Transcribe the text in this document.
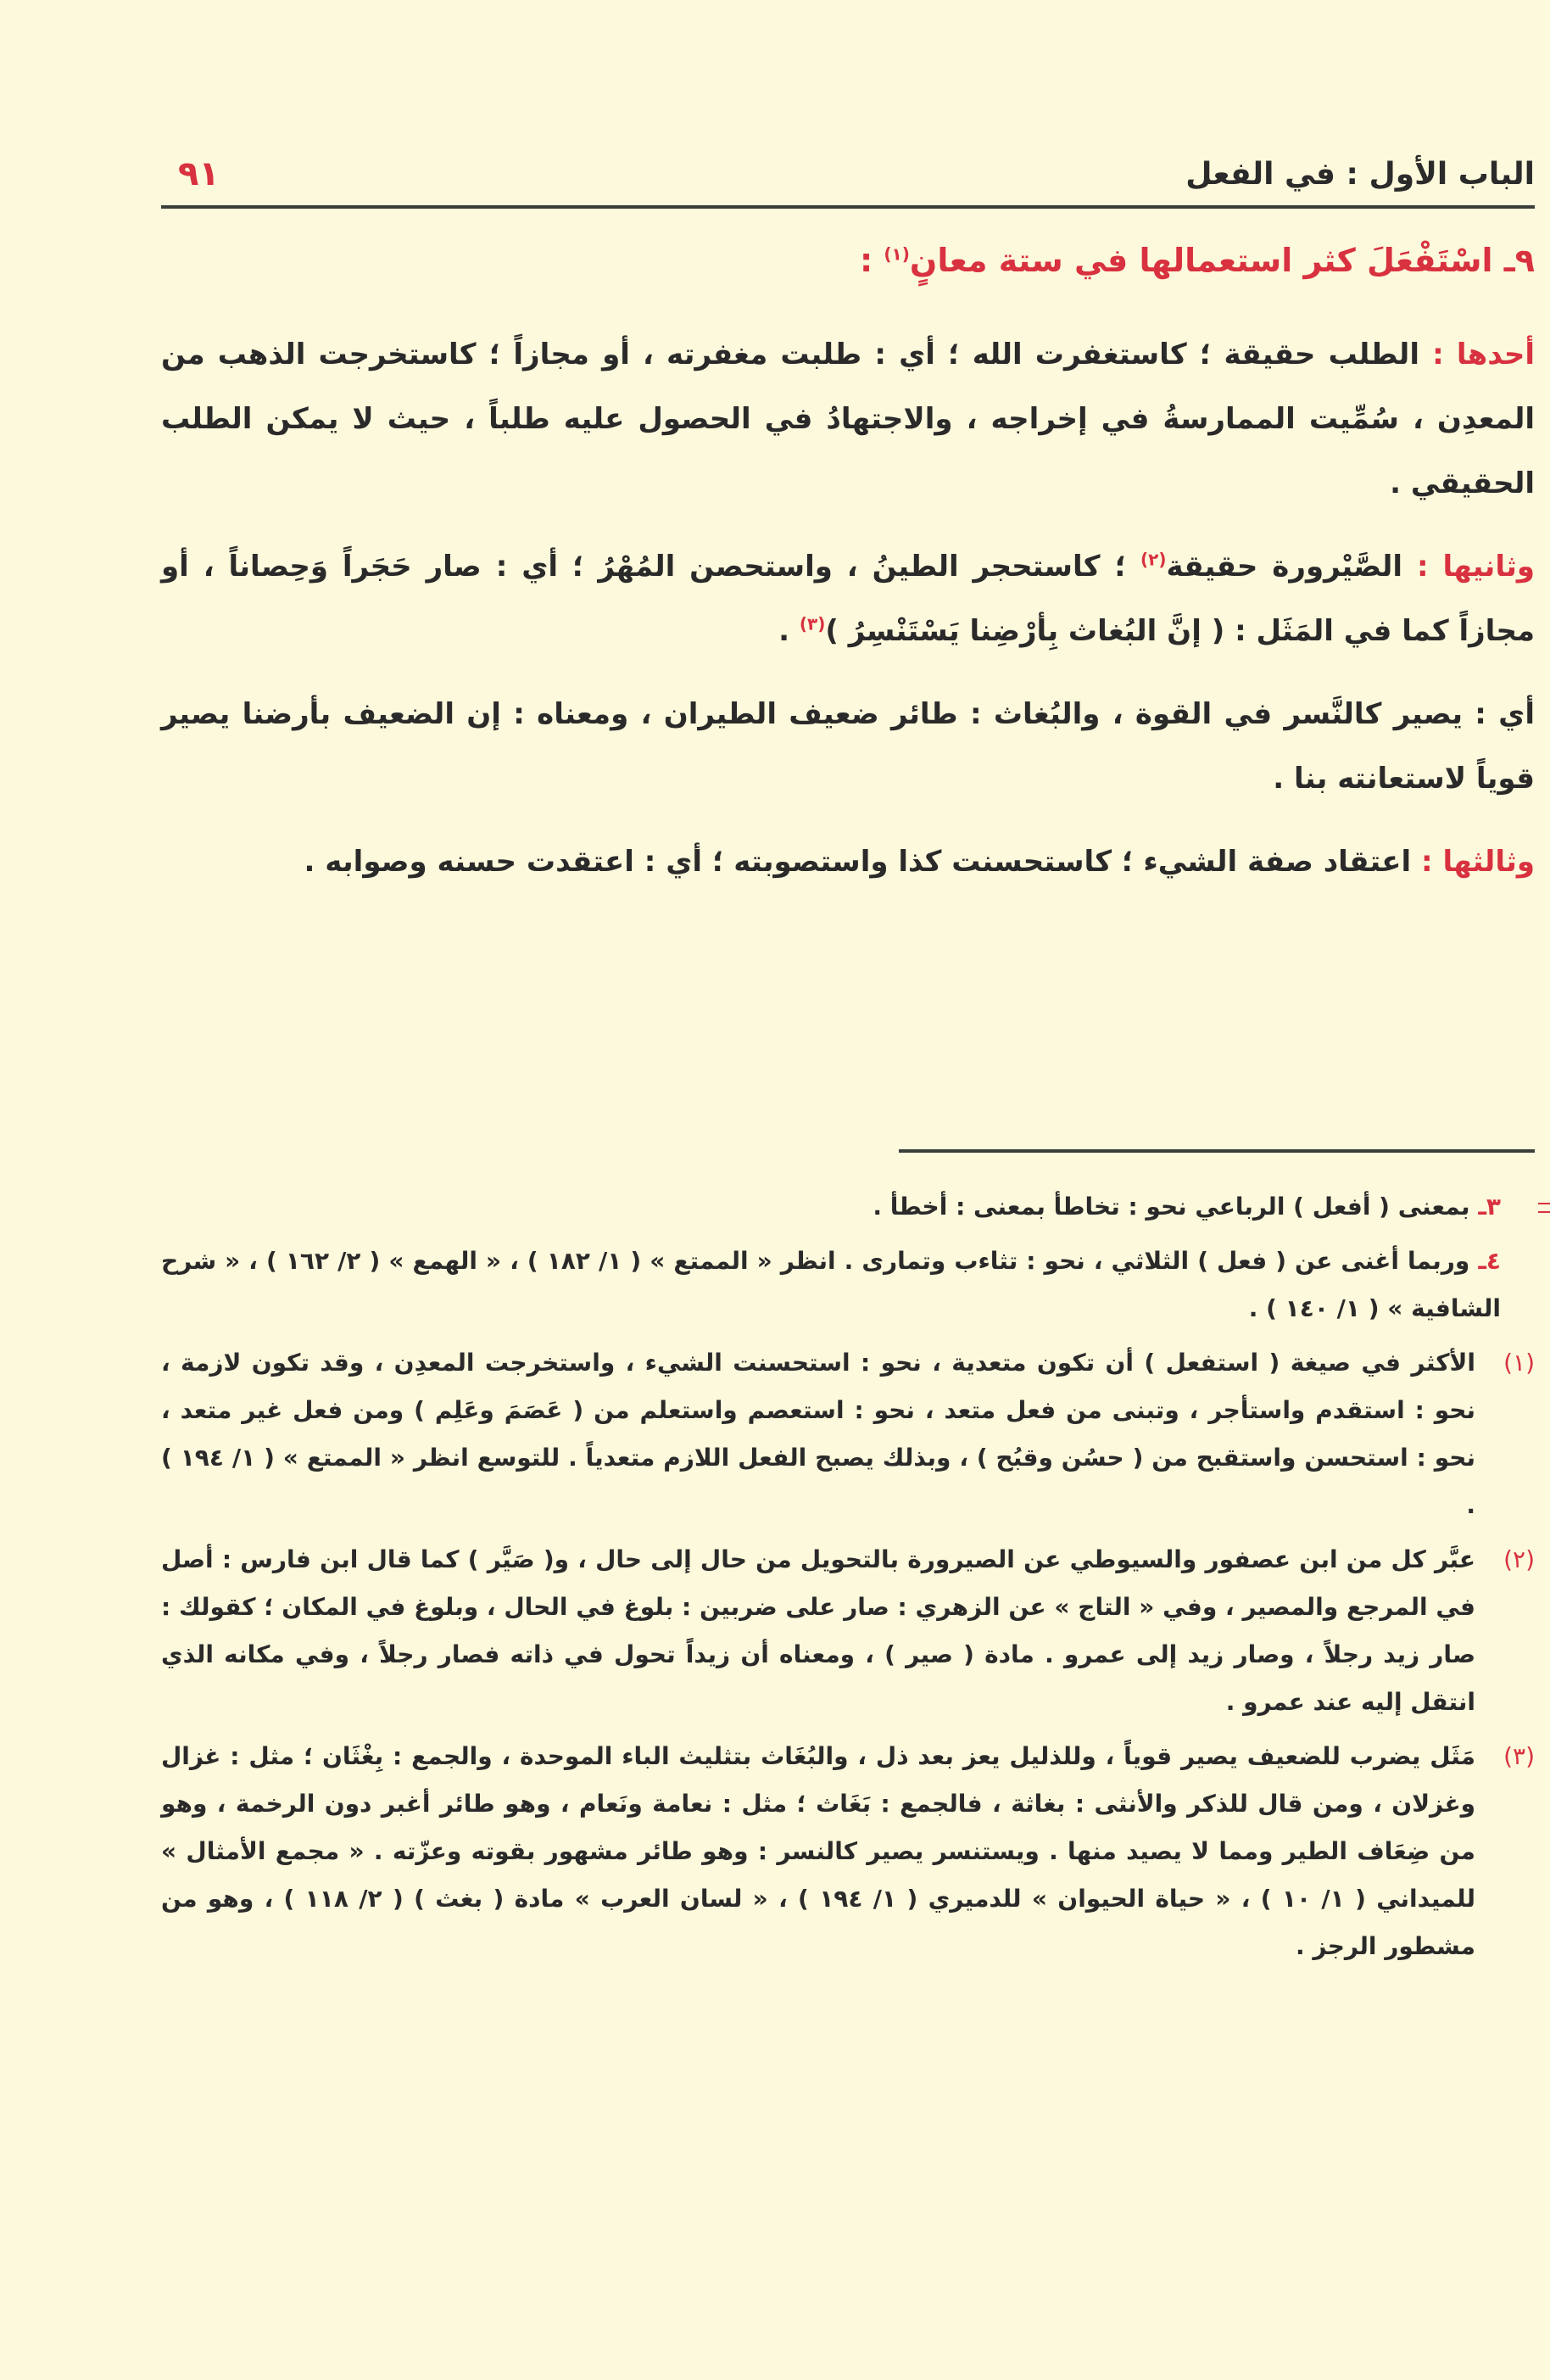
الباب الأول : في الفعل
٩١
٩ـ اسْتَفْعَلَ كثر استعمالها في ستة معانٍ$^{(١)}$ :

أحدها : الطلب حقيقة ؛ كاستغفرت الله ؛ أي : طلبت مغفرته ، أو مجازاً ؛ كاستخرجت الذهب من المعدِن ، سُمِّيت الممارسةُ في إخراجه ، والاجتهادُ في الحصول عليه طلباً ، حيث لا يمكن الطلب الحقيقي .

وثانيها : الصَّيْرورة حقيقة$^{(٢)}$ ؛ كاستحجر الطينُ ، واستحصن المُهْرُ ؛ أي : صار حَجَراً وَحِصاناً ، أو مجازاً كما في المَثَل : ( إنَّ البُغاث بِأرْضِنا يَسْتَنْسِرُ )$^{(٣)}$ .

أي : يصير كالنَّسر في القوة ، والبُغاث : طائر ضعيف الطيران ، ومعناه : إن الضعيف بأرضنا يصير قوياً لاستعانته بنا .

وثالثها : اعتقاد صفة الشيء ؛ كاستحسنت كذا واستصوبته ؛ أي : اعتقدت حسنه وصوابه .

٣ـ بمعنى ( أفعل ) الرباعي نحو : تخاطأ بمعنى : أخطأ .
٤ـ وربما أغنى عن ( فعل ) الثلاثي ، نحو : تثاءب وتمارى . انظر « الممتع » ( ١/ ١٨٢ ) ، « الهمع » ( ٢/ ١٦٢ ) ، « شرح الشافية » ( ١/ ١٤٠ ) .
(١)
الأكثر في صيغة ( استفعل ) أن تكون متعدية ، نحو : استحسنت الشيء ، واستخرجت المعدِن ، وقد تكون لازمة ، نحو : استقدم واستأجر ، وتبنى من فعل متعد ، نحو : استعصم واستعلم من ( عَصَمَ وعَلِم ) ومن فعل غير متعد ، نحو : استحسن واستقبح من ( حسُن وقبُح ) ، وبذلك يصبح الفعل اللازم متعدياً . للتوسع انظر « الممتع » ( ١/ ١٩٤ ) .
(٢)
عبَّر كل من ابن عصفور والسيوطي عن الصيرورة بالتحويل من حال إلى حال ، و( صَيَّر ) كما قال ابن فارس : أصل في المرجع والمصير ، وفي « التاج » عن الزهري : صار على ضربين : بلوغ في الحال ، وبلوغ في المكان ؛ كقولك : صار زيد رجلاً ، وصار زيد إلى عمرو . مادة ( صير ) ، ومعناه أن زيداً تحول في ذاته فصار رجلاً ، وفي مكانه الذي انتقل إليه عند عمرو .
(٣)
مَثَل يضرب للضعيف يصير قوياً ، وللذليل يعز بعد ذل ، والبُغَاث بتثليث الباء الموحدة ، والجمع : بِغْثَان ؛ مثل : غزال وغزلان ، ومن قال للذكر والأنثى : بغاثة ، فالجمع : بَغَاث ؛ مثل : نعامة ونَعام ، وهو طائر أغبر دون الرخمة ، وهو من ضِعَاف الطير ومما لا يصيد منها . ويستنسر يصير كالنسر : وهو طائر مشهور بقوته وعزّته . « مجمع الأمثال » للميداني ( ١/ ١٠ ) ، « حياة الحيوان » للدميري ( ١/ ١٩٤ ) ، « لسان العرب » مادة ( بغث ) ( ٢/ ١١٨ ) ، وهو من مشطور الرجز .
